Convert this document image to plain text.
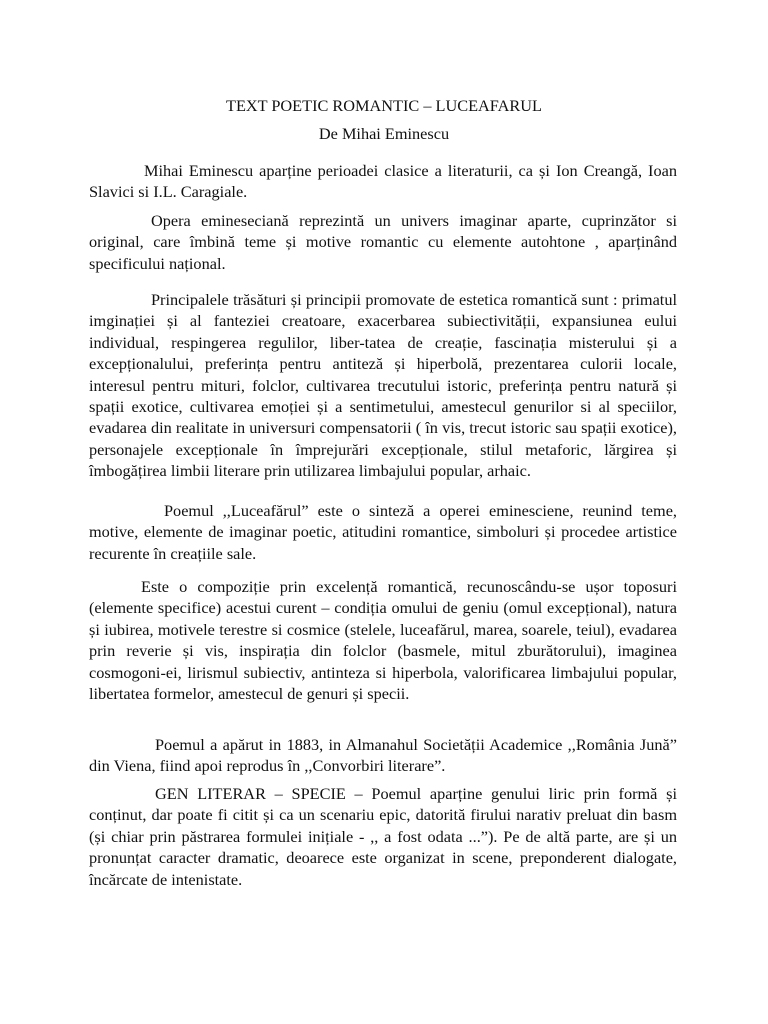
TEXT POETIC ROMANTIC – LUCEAFARUL
De Mihai Eminescu

Mihai Eminescu aparține perioadei clasice a literaturii, ca și Ion Creangă, Ioan Slavici si I.L. Caragiale.

Opera emineseciană reprezintă un univers imaginar aparte, cuprinzător si original, care îmbină teme și motive romantic cu elemente autohtone , aparținând specificului național.

Principalele trăsături și principii promovate de estetica romantică sunt : primatul imginației și al fanteziei creatoare, exacerbarea subiectivității, expansiunea eului individual, respingerea regulilor, liber-tatea de creație, fascinația misterului și a excepționalului, preferința pentru antiteză și hiperbolă, prezentarea culorii locale, interesul pentru mituri, folclor, cultivarea trecutului istoric, preferința pentru natură și spații exotice, cultivarea emoției și a sentimetului, amestecul genurilor si al speciilor, evadarea din realitate in universuri compensatorii ( în vis, trecut istoric sau spații exotice), personajele excepționale în împrejurări excepționale, stilul metaforic, lărgirea și îmbogățirea limbii literare prin utilizarea limbajului popular, arhaic.

Poemul ,,Luceafărul” este o sinteză a operei eminesciene, reunind teme, motive, elemente de imaginar poetic, atitudini romantice, simboluri și procedee artistice recurente în creațiile sale.

Este o compoziție prin excelență romantică, recunoscându-se ușor toposuri (elemente specifice) acestui curent – condiția omului de geniu (omul excepțional), natura și iubirea, motivele terestre si cosmice (stelele, luceafărul, marea, soarele, teiul), evadarea prin reverie și vis, inspirația din folclor (basmele, mitul zburătorului), imaginea cosmogoni-ei, lirismul subiectiv, antinteza si hiperbola, valorificarea limbajului popular, libertatea formelor, amestecul de genuri și specii.

Poemul a apărut in 1883, in Almanahul Societății Academice ,,România Jună” din Viena, fiind apoi reprodus în ,,Convorbiri literare”.

GEN LITERAR – SPECIE – Poemul aparține genului liric prin formă și conținut, dar poate fi citit și ca un scenariu epic, datorită firului narativ preluat din basm (și chiar prin păstrarea formulei inițiale - ,, a fost odata ...”). Pe de altă parte, are și un pronunțat caracter dramatic, deoarece este organizat in scene, preponderent dialogate, încărcate de intenistate.
